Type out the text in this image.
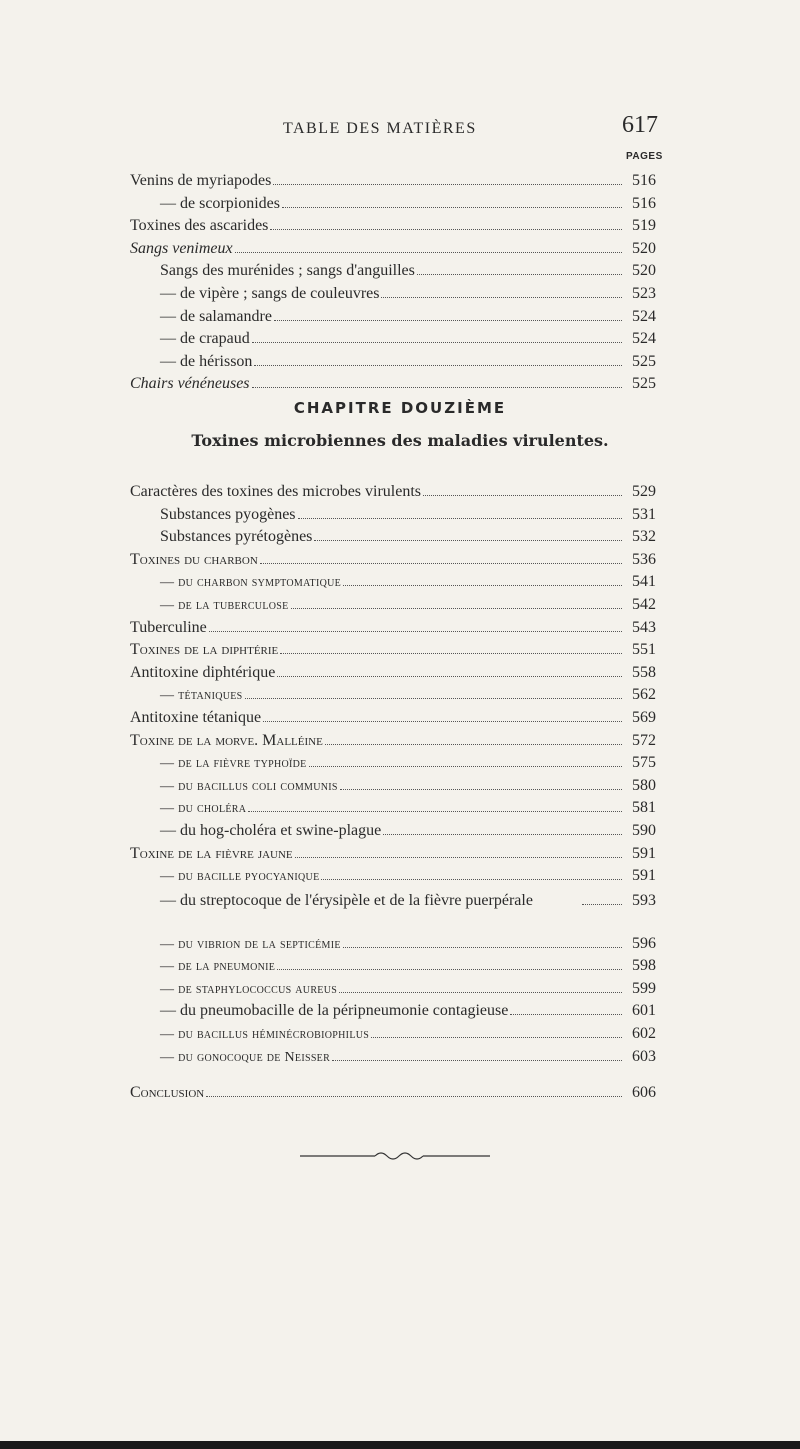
TABLE DES MATIÈRES	617
PAGES
Venins de myriapodes	516
— de scorpionides	516
Toxines des ascarides	519
Sangs venimeux	520
Sangs des murénides ; sangs d'anguilles	520
— de vipère ; sangs de couleuvres	523
— de salamandre	524
— de crapaud	524
— de hérisson	525
Chairs vénéneuses	525
CHAPITRE DOUZIÈME
Toxines microbiennes des maladies virulentes.
Caractères des toxines des microbes virulents	529
Substances pyogènes	531
Substances pyrétogènes	532
Toxines du charbon	536
— du charbon symptomatique	541
— de la tuberculose	542
Tuberculine	543
Toxines de la diphtérie	551
Antitoxine diphtérique	558
— tétaniques	562
Antitoxine tétanique	569
Toxine de la morve. Malléine	572
— de la fièvre typhoïde	575
— du bacillus coli communis	580
— du choléra	581
— du hog-choléra et swine-plague	590
Toxine de la fièvre jaune	591
— du bacille pyocyanique	591
— du streptocoque de l'érysipèle et de la fièvre puerpérale	593
— du vibrion de la septicémie	596
— de la pneumonie	598
— de staphylococcus aureus	599
— du pneumobacille de la péripneumonie contagieuse	601
— du bacillus héminécrobiophilus	602
— du gonocoque de Neisser	603
Conclusion	606
